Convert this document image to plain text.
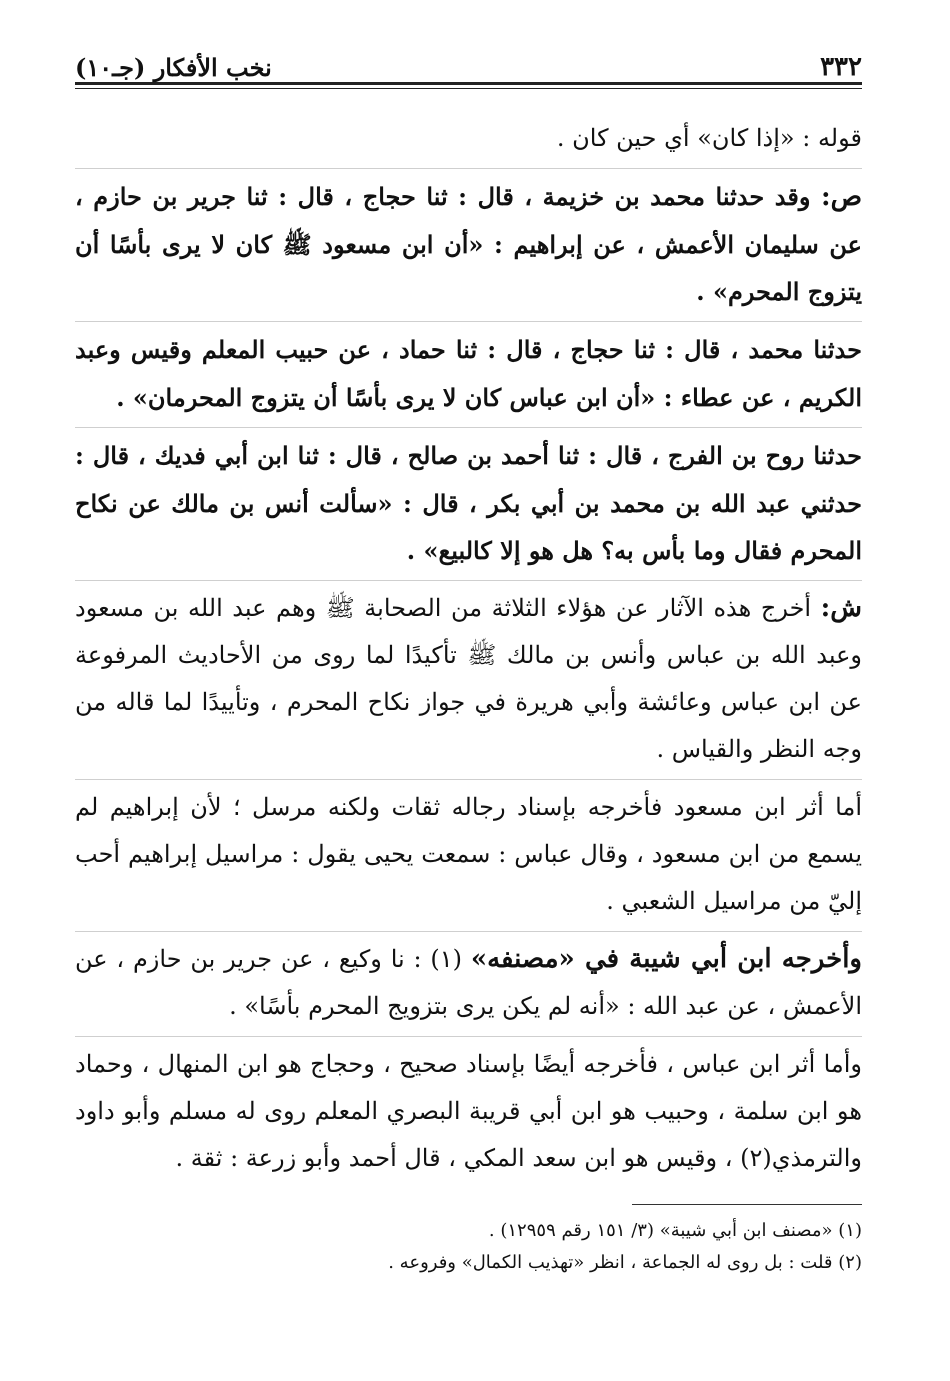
٣٣٢
نخب الأفكار (جـ١٠)

قوله : «إذا كان» أي حين كان .

ص: وقد حدثنا محمد بن خزيمة ، قال : ثنا حجاج ، قال : ثنا جرير بن حازم ، عن سليمان الأعمش ، عن إبراهيم : «أن ابن مسعود ﷺ كان لا يرى بأسًا أن يتزوج المحرم» .

حدثنا محمد ، قال : ثنا حجاج ، قال : ثنا حماد ، عن حبيب المعلم وقيس وعبد الكريم ، عن عطاء : «أن ابن عباس كان لا يرى بأسًا أن يتزوج المحرمان» .

حدثنا روح بن الفرج ، قال : ثنا أحمد بن صالح ، قال : ثنا ابن أبي فديك ، قال : حدثني عبد الله بن محمد بن أبي بكر ، قال : «سألت أنس بن مالك عن نكاح المحرم فقال وما بأس به؟ هل هو إلا كالبيع» .

ش: أخرج هذه الآثار عن هؤلاء الثلاثة من الصحابة ﷺ وهم عبد الله بن مسعود وعبد الله بن عباس وأنس بن مالك ﷺ تأكيدًا لما روى من الأحاديث المرفوعة عن ابن عباس وعائشة وأبي هريرة في جواز نكاح المحرم ، وتأييدًا لما قاله من وجه النظر والقياس .

أما أثر ابن مسعود فأخرجه بإسناد رجاله ثقات ولكنه مرسل ؛ لأن إبراهيم لم يسمع من ابن مسعود ، وقال عباس : سمعت يحيى يقول : مراسيل إبراهيم أحب إليّ من مراسيل الشعبي .

وأخرجه ابن أبي شيبة في «مصنفه» (١) : نا وكيع ، عن جرير بن حازم ، عن الأعمش ، عن عبد الله : «أنه لم يكن يرى بتزويج المحرم بأسًا» .

وأما أثر ابن عباس ، فأخرجه أيضًا بإسناد صحيح ، وحجاج هو ابن المنهال ، وحماد هو ابن سلمة ، وحبيب هو ابن أبي قريبة البصري المعلم روى له مسلم وأبو داود والترمذي(٢) ، وقيس هو ابن سعد المكي ، قال أحمد وأبو زرعة : ثقة .

(١) «مصنف ابن أبي شيبة» (٣/ ١٥١ رقم ١٢٩٥٩) .

(٢) قلت : بل روى له الجماعة ، انظر «تهذيب الكمال» وفروعه .
